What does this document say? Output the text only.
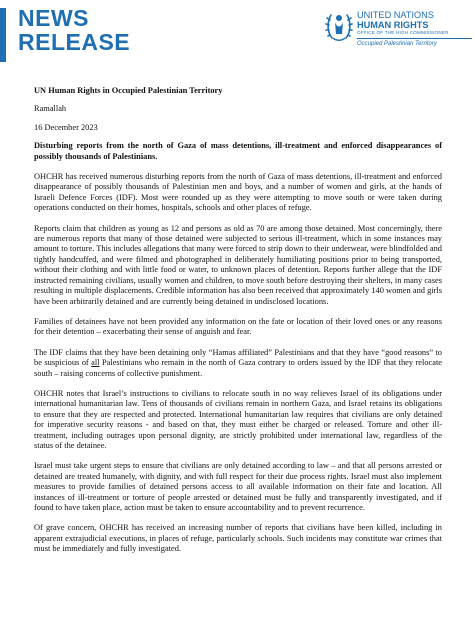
NEWS
RELEASE
UNITED NATIONS
HUMAN RIGHTS
OFFICE OF THE HIGH COMMISSIONER
Occupied Palestinian Territory

UN Human Rights in Occupied Palestinian Territory

Ramallah

16 December 2023

Disturbing reports from the north of Gaza of mass detentions, ill-treatment and enforced disappearances of possibly thousands of Palestinians.

OHCHR has received numerous disturbing reports from the north of Gaza of mass detentions, ill-treatment and enforced disappearance of possibly thousands of Palestinian men and boys, and a number of women and girls, at the hands of Israeli Defence Forces (IDF). Most were rounded up as they were attempting to move south or were taken during operations conducted on their homes, hospitals, schools and other places of refuge.

Reports claim that children as young as 12 and persons as old as 70 are among those detained. Most concerningly, there are numerous reports that many of those detained were subjected to serious ill-treatment, which in some instances may amount to torture. This includes allegations that many were forced to strip down to their underwear, were blindfolded and tightly handcuffed, and were filmed and photographed in deliberately humiliating positions prior to being transported, without their clothing and with little food or water, to unknown places of detention. Reports further allege that the IDF instructed remaining civilians, usually women and children, to move south before destroying their shelters, in many cases resulting in multiple displacements. Credible information has also been received that approximately 140 women and girls have been arbitrarily detained and are currently being detained in undisclosed locations.

Families of detainees have not been provided any information on the fate or location of their loved ones or any reasons for their detention – exacerbating their sense of anguish and fear.

The IDF claims that they have been detaining only “Hamas affiliated” Palestinians and that they have “good reasons” to be suspicious of all Palestinians who remain in the north of Gaza contrary to orders issued by the IDF that they relocate south – raising concerns of collective punishment.

OHCHR notes that Israel’s instructions to civilians to relocate south in no way relieves Israel of its obligations under international humanitarian law. Tens of thousands of civilians remain in northern Gaza, and Israel retains its obligations to ensure that they are respected and protected. International humanitarian law requires that civilians are only detained for imperative security reasons - and based on that, they must either be charged or released. Torture and other ill-treatment, including outrages upon personal dignity, are strictly prohibited under international law, regardless of the status of the detainee.

Israel must take urgent steps to ensure that civilians are only detained according to law – and that all persons arrested or detained are treated humanely, with dignity, and with full respect for their due process rights. Israel must also implement measures to provide families of detained persons access to all available information on their fate and location. All instances of ill-treatment or torture of people arrested or detained must be fully and transparently investigated, and if found to have taken place, action must be taken to ensure accountability and to prevent recurrence.

Of grave concern, OHCHR has received an increasing number of reports that civilians have been killed, including in apparent extrajudicial executions, in places of refuge, particularly schools. Such incidents may constitute war crimes that must be immediately and fully investigated.
